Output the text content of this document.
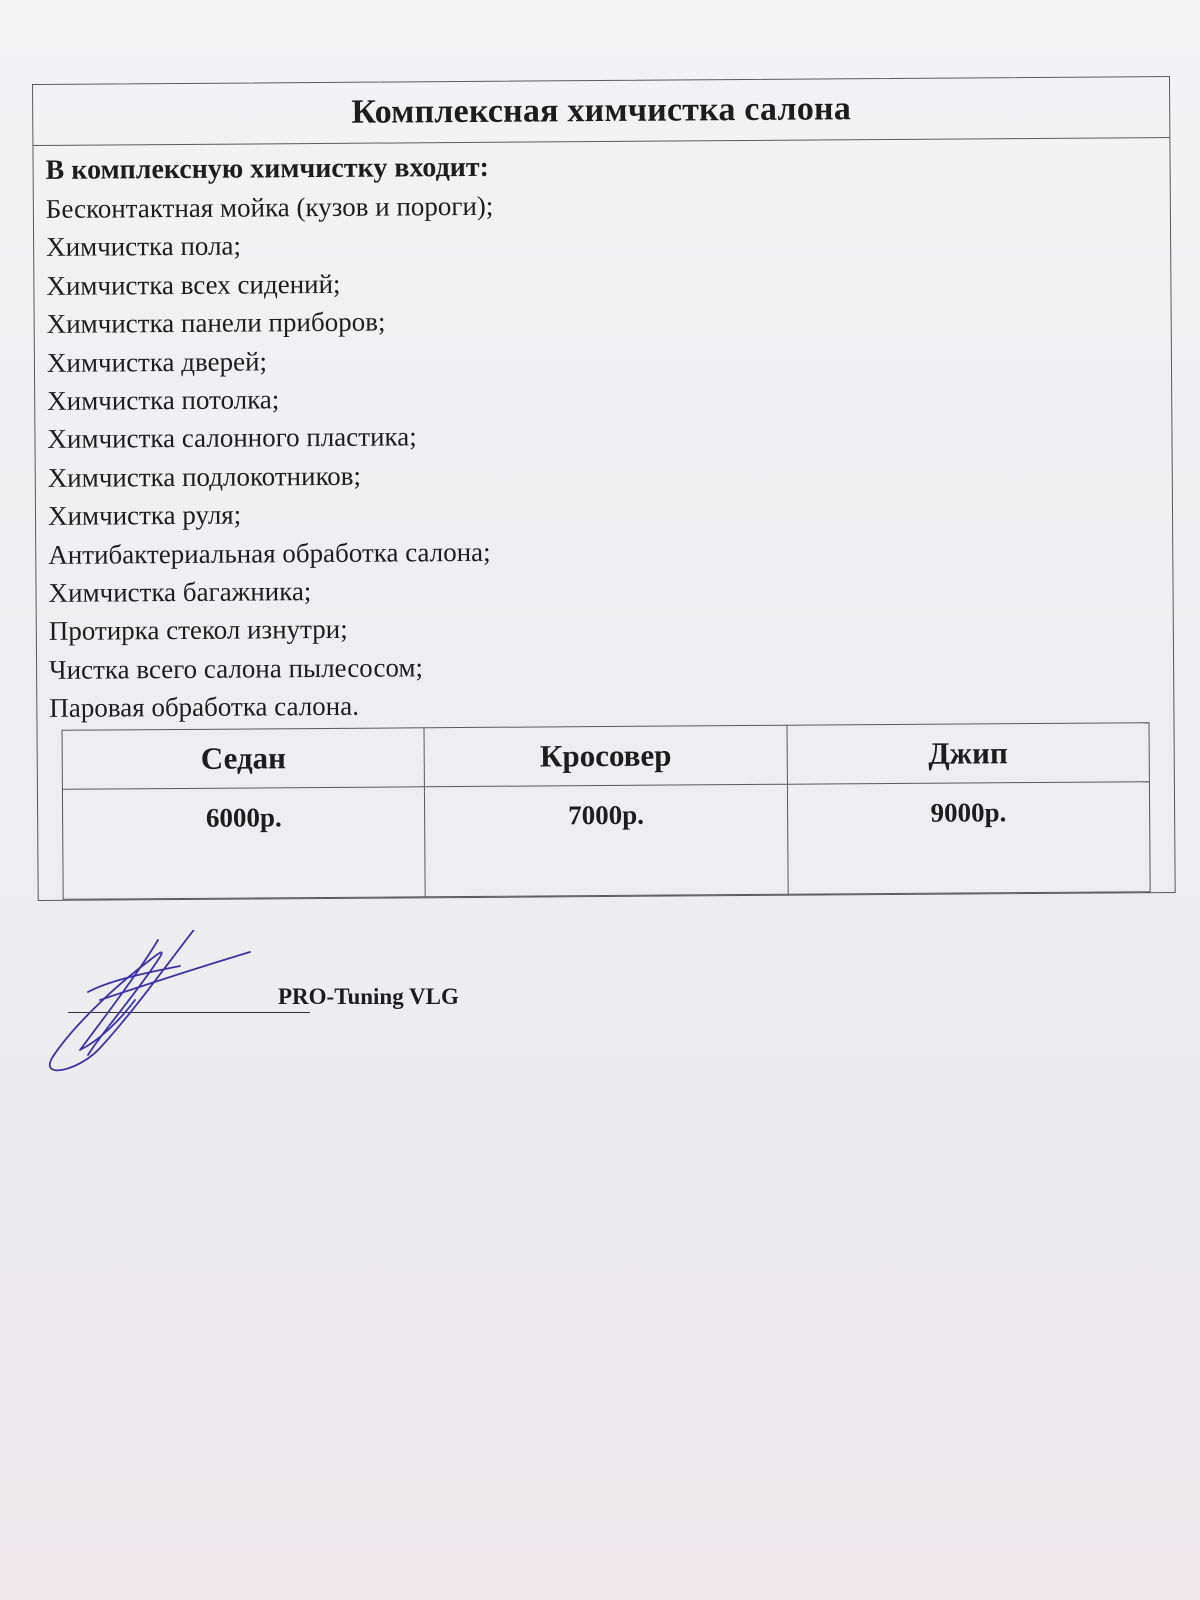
Комплексная химчистка салона
В комплексную химчистку входит:
Бесконтактная мойка (кузов и пороги);
Химчистка пола;
Химчистка всех сидений;
Химчистка панели приборов;
Химчистка дверей;
Химчистка потолка;
Химчистка салонного пластика;
Химчистка подлокотников;
Химчистка руля;
Антибактериальная обработка салона;
Химчистка багажника;
Протирка стекол изнутри;
Чистка всего салона пылесосом;
Паровая обработка салона.
Седан	Кросовер	Джип
6000р.	7000р.	9000р.
PRO-Tuning VLG
